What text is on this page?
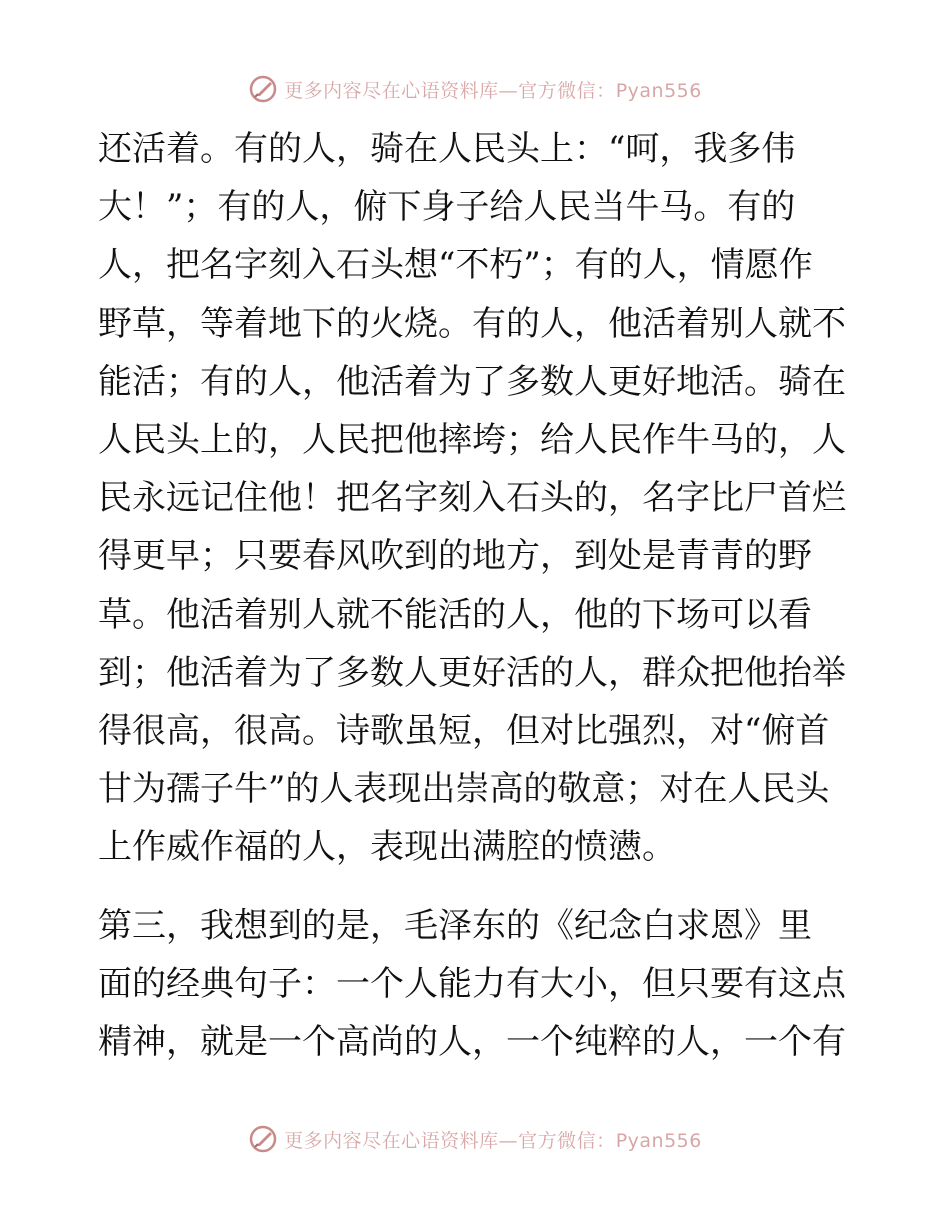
更多内容尽在心语资料库—官方微信：Pyan556

还活着。有的人，骑在人民头上：“呵，我多伟
大！”；有的人，俯下身子给人民当牛马。有的
人，把名字刻入石头想“不朽”；有的人，情愿作
野草，等着地下的火烧。有的人，他活着别人就不
能活；有的人，他活着为了多数人更好地活。骑在
人民头上的，人民把他摔垮；给人民作牛马的，人
民永远记住他！把名字刻入石头的，名字比尸首烂
得更早；只要春风吹到的地方，到处是青青的野
草。他活着别人就不能活的人，他的下场可以看
到；他活着为了多数人更好活的人，群众把他抬举
得很高，很高。诗歌虽短，但对比强烈，对“俯首
甘为孺子牛”的人表现出崇高的敬意；对在人民头
上作威作福的人，表现出满腔的愤懑。

第三，我想到的是，毛泽东的《纪念白求恩》里
面的经典句子：一个人能力有大小，但只要有这点
精神，就是一个高尚的人，一个纯粹的人，一个有

更多内容尽在心语资料库—官方微信：Pyan556
